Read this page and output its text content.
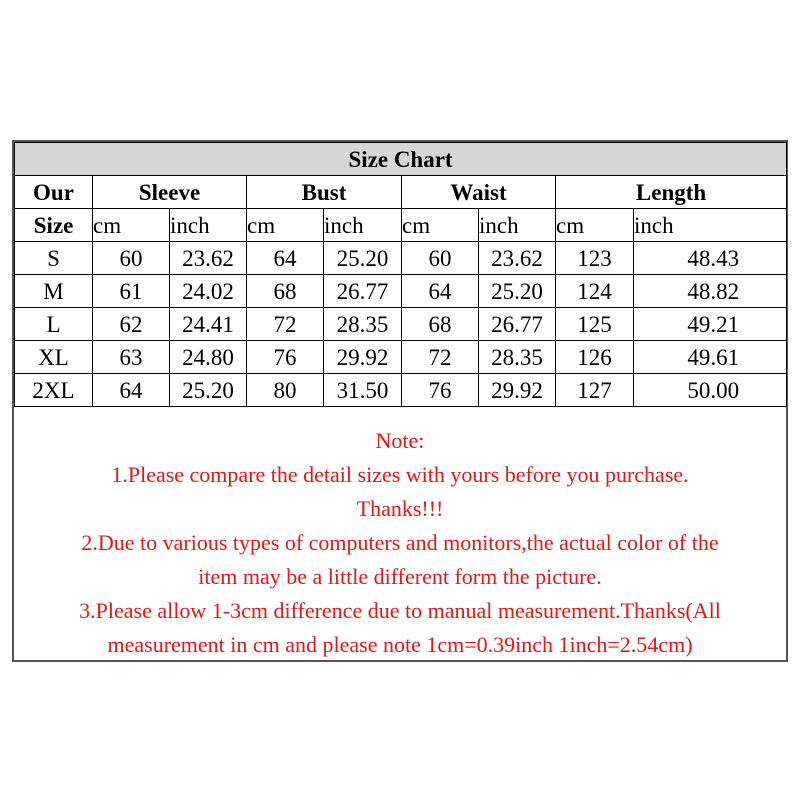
Size Chart								
Our	Sleeve		Bust		Waist		Length	
Size	cm	inch	cm	inch	cm	inch	cm	inch
S	60	23.62	64	25.20	60	23.62	123	48.43
M	61	24.02	68	26.77	64	25.20	124	48.82
L	62	24.41	72	28.35	68	26.77	125	49.21
XL	63	24.80	76	29.92	72	28.35	126	49.61
2XL	64	25.20	80	31.50	76	29.92	127	50.00
Note:
1.Please compare the detail sizes with yours before you purchase.
Thanks!!!
2.Due to various types of computers and monitors,the actual color of the
item may be a little different form the picture.
3.Please allow 1-3cm difference due to manual measurement.Thanks(All
measurement in cm and please note 1cm=0.39inch 1inch=2.54cm)
